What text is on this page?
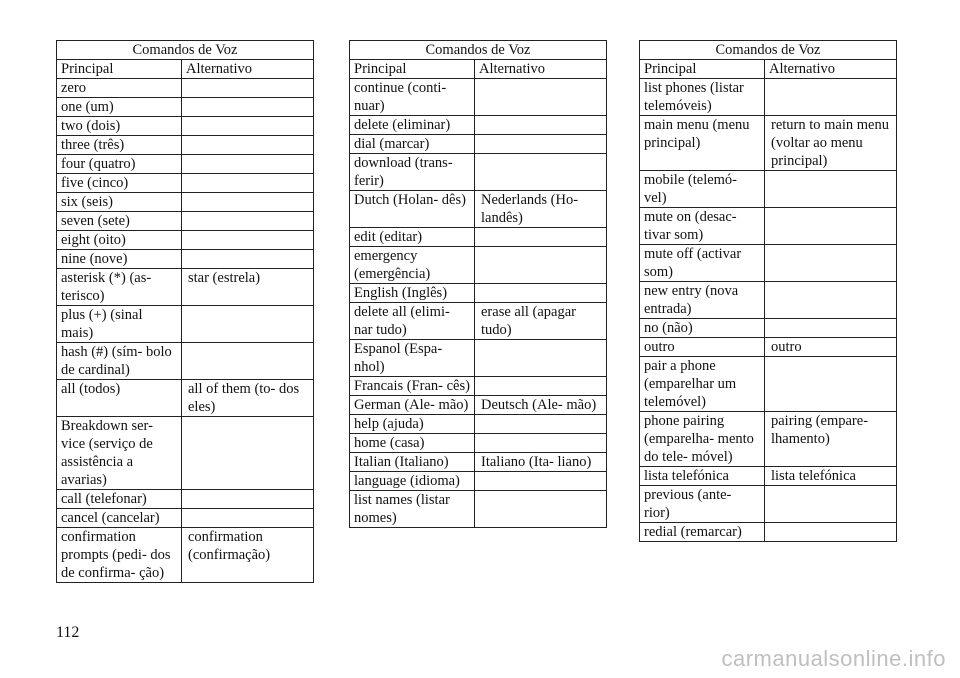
Comandos de Voz	
Principal	Alternativo
zero	
one (um)	
two (dois)	
three (três)	
four (quatro)	
five (cinco)	
six (seis)	
seven (sete)	
eight (oito)	
nine (nove)	
asterisk (*) (as- terisco)	star (estrela)
plus (+) (sinal mais)	
hash (#) (sím- bolo de cardinal)	
all (todos)	all of them (to- dos eles)
Breakdown ser- vice (serviço de assistência a avarias)	
call (telefonar)	
cancel (cancelar)	
confirmation prompts (pedi- dos de confirma- ção)	confirmation (confirmação)
Comandos de Voz	
Principal	Alternativo
continue (conti- nuar)	
delete (eliminar)	
dial (marcar)	
download (trans- ferir)	
Dutch (Holan- dês)	Nederlands (Ho- landês)
edit (editar)	
emergency (emergência)	
English (Inglês)	
delete all (elimi- nar tudo)	erase all (apagar tudo)
Espanol (Espa- nhol)	
Francais (Fran- cês)	
German (Ale- mão)	Deutsch (Ale- mão)
help (ajuda)	
home (casa)	
Italian (Italiano)	Italiano (Ita- liano)
language (idioma)	
list names (listar nomes)	
Comandos de Voz	
Principal	Alternativo
list phones (listar telemóveis)	
main menu (menu principal)	return to main menu (voltar ao menu principal)
mobile (telemó- vel)	
mute on (desac- tivar som)	
mute off (activar som)	
new entry (nova entrada)	
no (não)	
outro	outro
pair a phone (emparelhar um telemóvel)	
phone pairing (emparelha- mento do tele- móvel)	pairing (empare- lhamento)
lista telefónica	lista telefónica
previous (ante- rior)	
redial (remarcar)	
112
carmanualsonline.info
